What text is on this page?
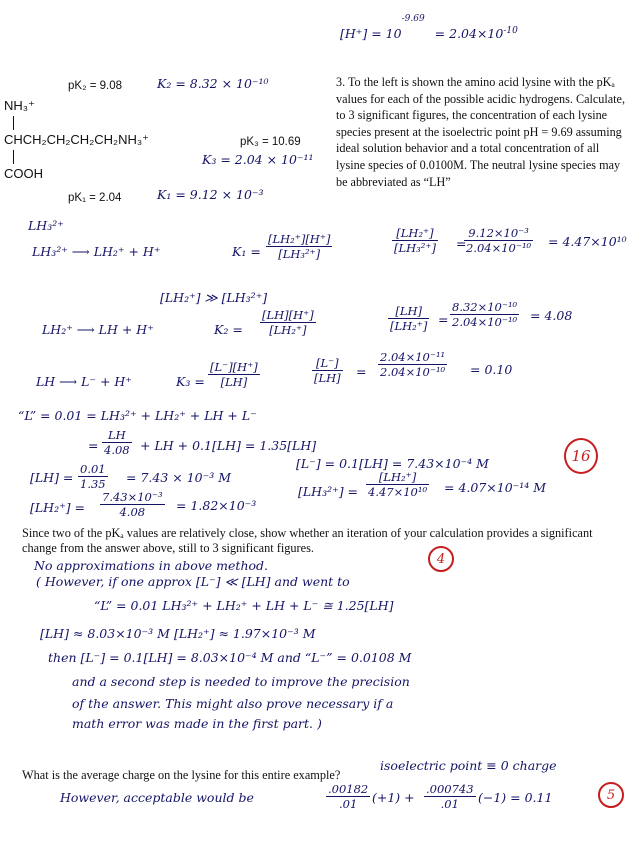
$[H^+] = 10^{-9.69} = 2.04\times 10^{-10}$
pK₂ = 9.08	K₂ = 8.32 × 10⁻¹⁰
NH₃⁺
CHCH₂CH₂CH₂CH₂NH₃⁺	pK₃ = 10.69
K₃ = 2.04 × 10⁻¹¹
COOH
pK₁ = 2.04	K₁ = 9.12 × 10⁻³
3. To the left is shown the amino acid lysine with the pKₐ values for each of the possible acidic hydrogens. Calculate, to 3 significant figures, the concentration of each lysine species present at the isoelectric point pH = 9.69 assuming ideal solution behavior and a total concentration of all lysine species of 0.0100M. The neutral lysine species may be abbreviated as “LH”
LH₃²⁺
LH₃²⁺ ⟶ LH₂⁺ + H⁺	$K_1 = \frac{\text{[LH₂⁺][H⁺]}}{\text{[LH₃²⁺]}}$	$\frac{\text{[LH₂⁺]}}{\text{[LH₃²⁺]}}$ =
$\frac{\text{9.12×10⁻³}}{\text{2.04×10⁻¹⁰}} = 4.47\times 10^{10}$
[LH₂⁺] ≫ [LH₃²⁺]
LH₂⁺ ⟶ LH + H⁺	$K_2 = \frac{[LH][H^+]}{\text{[LH₂⁺]}}$	$\frac{[LH]}{\text{[LH₂⁺]}} = \frac{\text{8.32×10⁻¹⁰}}{\text{2.04×10⁻¹⁰}} = 4.08$
LH ⟶ L⁻ + H⁺	$K_3 = \frac{[L^-][H^+]}{[LH]}$	$\frac{[L^-]}{[LH]} = \frac{\text{2.04×10⁻¹¹}}{\text{2.04×10⁻¹⁰}} = 0.10$
“L” = 0.01 = LH₃²⁺ + LH₂⁺ + LH + L⁻
= $\frac{LH}{4.08}$ + LH + 0.1[LH] = 1.35[LH]
[L⁻] = 0.1[LH] = 7.43×10⁻⁴ M	16
$[LH] = \frac{0.01}{1.35} = 7.43 \times 10^{-3}$ M
$[LH_2^+] = \frac{\text{7.43×10⁻³}}{4.08} = 1.82\times 10^{-3}$
$[LH_3^{2+}] = \frac{\text{[LH₂⁺]}}{\text{4.47×10¹⁰}} = 4.07\times 10^{-14}$ M
Since two of the pKₐ values are relatively close, show whether an iteration of your calculation provides a significant change from the answer above, still to 3 significant figures.
4
No approximations in above method.
( However, if one approx [L⁻] ≪ [LH] and went to
“L” = 0.01 LH₃²⁺ + LH₂⁺ + LH + L⁻ ≅ 1.25[LH]
[LH] ≈ 8.03×10⁻³ M [LH₂⁺] ≈ 1.97×10⁻³ M
then [L⁻] = 0.1[LH] = 8.03×10⁻⁴ M and “L⁻” = 0.0108 M
and a second step is needed to improve the precision
of the answer. This might also prove necessary if a
math error was made in the first part. )
What is the average charge on the lysine for this entire example?
isoelectric point ≡ 0 charge
However, acceptable would be	$\frac{.00182}{.01} (+1) + \frac{.000743}{.01} (-1) = 0.11$	5
